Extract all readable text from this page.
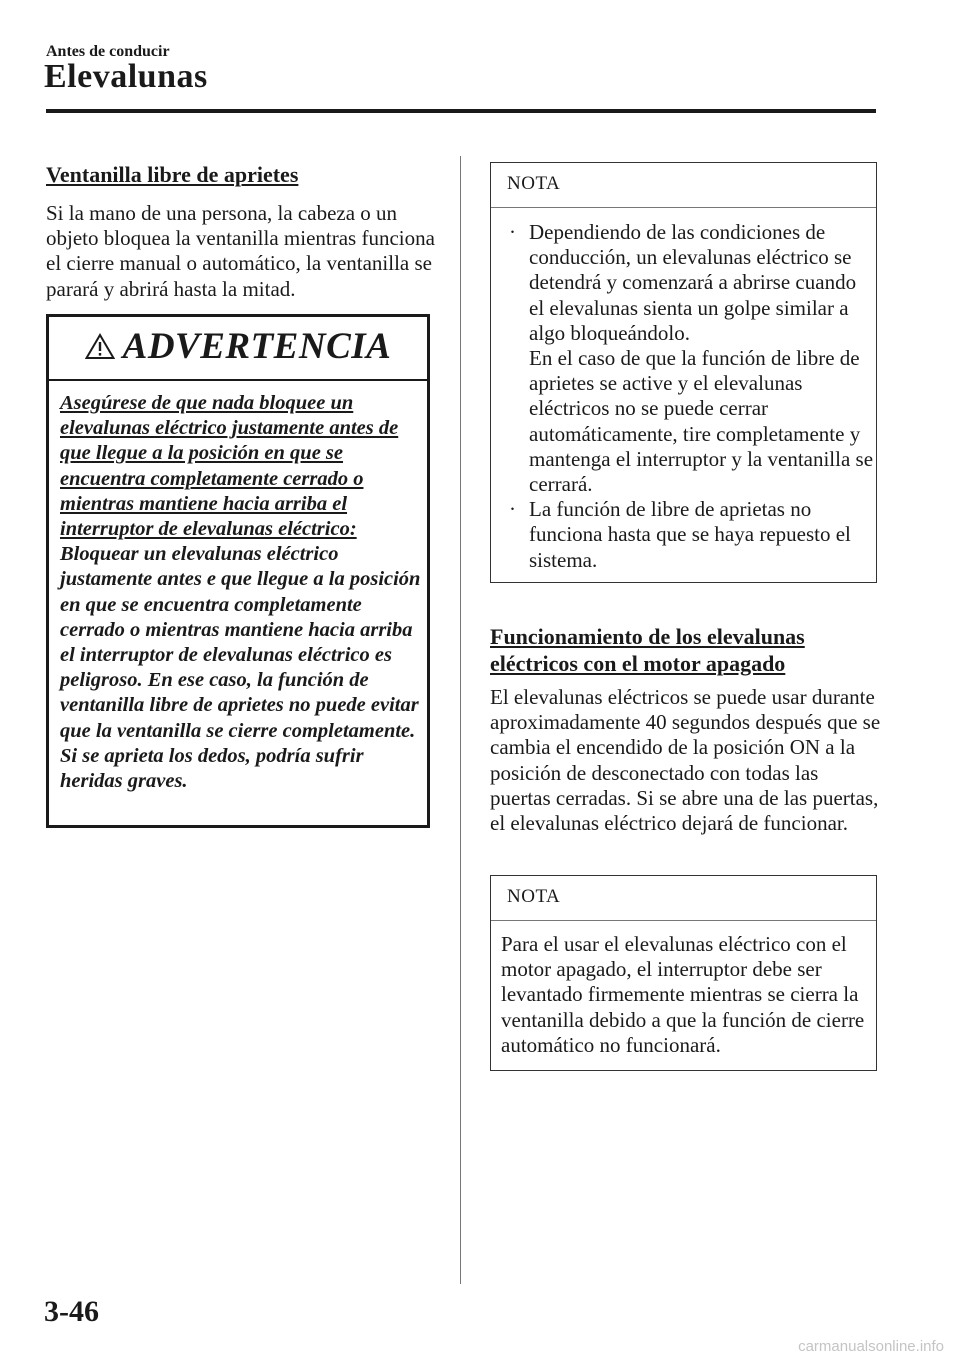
Antes de conducir
Elevalunas
Ventanilla libre de aprietes
Si la mano de una persona, la cabeza o un objeto bloquea la ventanilla mientras funciona el cierre manual o automático, la ventanilla se parará y abrirá hasta la mitad.
ADVERTENCIA
Asegúrese de que nada bloquee un elevalunas eléctrico justamente antes de que llegue a la posición en que se encuentra completamente cerrado o mientras mantiene hacia arriba el interruptor de elevalunas eléctrico: Bloquear un elevalunas eléctrico justamente antes e que llegue a la posición en que se encuentra completamente cerrado o mientras mantiene hacia arriba el interruptor de elevalunas eléctrico es peligroso. En ese caso, la función de ventanilla libre de aprietes no puede evitar que la ventanilla se cierre completamente. Si se aprieta los dedos, podría sufrir heridas graves.
NOTA
· Dependiendo de las condiciones de conducción, un elevalunas eléctrico se detendrá y comenzará a abrirse cuando el elevalunas sienta un golpe similar a algo bloqueándolo.
En el caso de que la función de libre de aprietes se active y el elevalunas eléctricos no se puede cerrar automáticamente, tire completamente y mantenga el interruptor y la ventanilla se cerrará.
· La función de libre de aprietas no funciona hasta que se haya repuesto el sistema.
Funcionamiento de los elevalunas eléctricos con el motor apagado
El elevalunas eléctricos se puede usar durante aproximadamente 40 segundos después que se cambia el encendido de la posición ON a la posición de desconectado con todas las puertas cerradas. Si se abre una de las puertas, el elevalunas eléctrico dejará de funcionar.
NOTA
Para el usar el elevalunas eléctrico con el motor apagado, el interruptor debe ser levantado firmemente mientras se cierra la ventanilla debido a que la función de cierre automático no funcionará.
3-46
carmanualsonline.info
